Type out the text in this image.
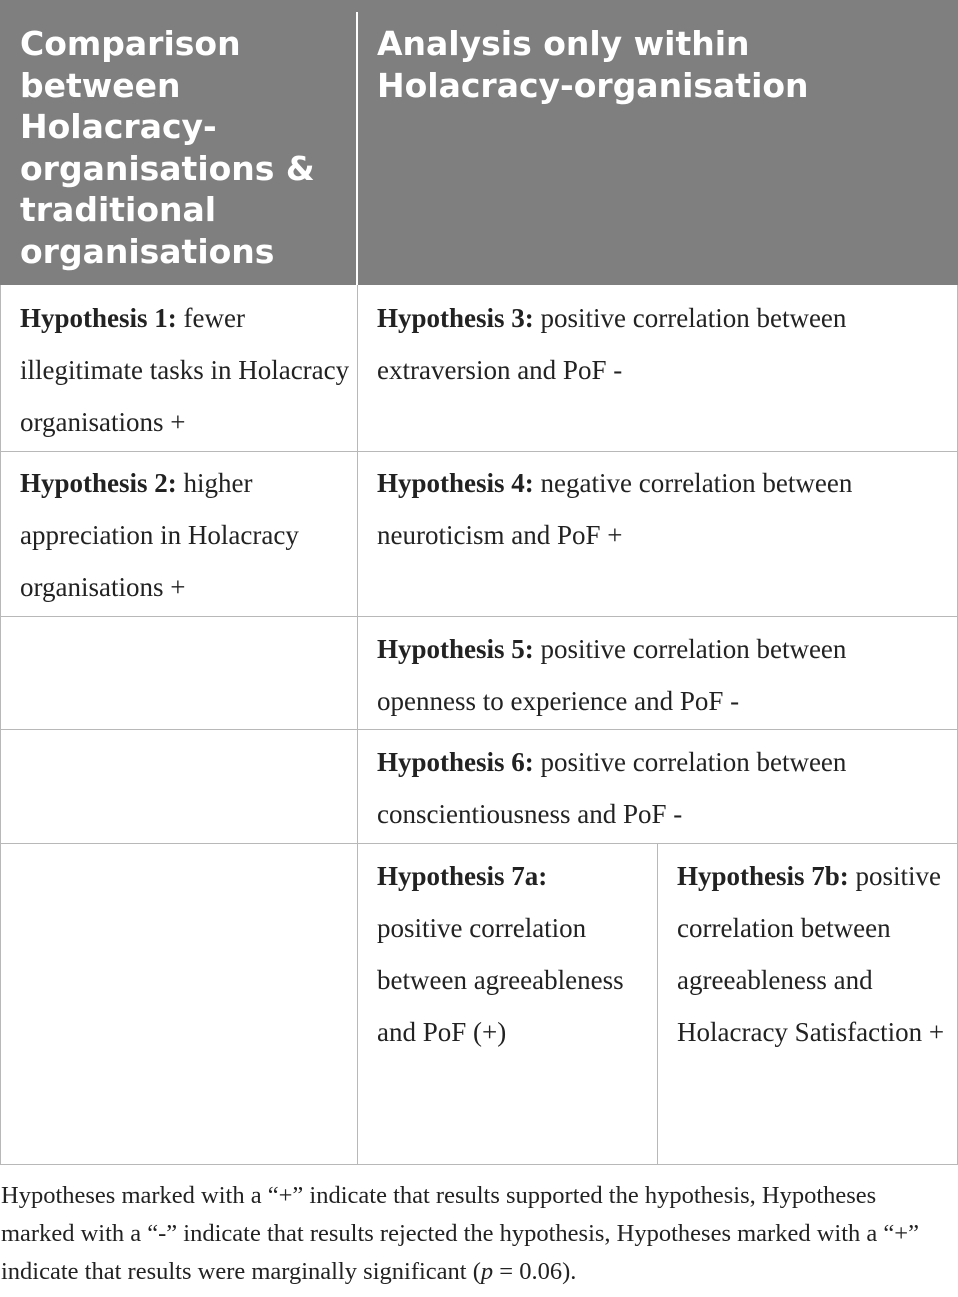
Comparison between Holacracy-organisations & traditional organisations
Analysis only within Holacracy-organisation
Hypothesis 1: fewer illegitimate tasks in Holacracy organisations +
Hypothesis 3: positive correlation between extraversion and PoF -
Hypothesis 2: higher appreciation in Holacracy organisations +
Hypothesis 4: negative correlation between neuroticism and PoF +
Hypothesis 5: positive correlation between openness to experience and PoF -
Hypothesis 6: positive correlation between conscientiousness and PoF -
Hypothesis 7a: positive correlation between agreeableness and PoF (+)
Hypothesis 7b: positive correlation between agreeableness and Holacracy Satisfaction +
Hypotheses marked with a “+” indicate that results supported the hypothesis, Hypotheses marked with a “-” indicate that results rejected the hypothesis, Hypotheses marked with a “+” indicate that results were marginally significant (p = 0.06).
